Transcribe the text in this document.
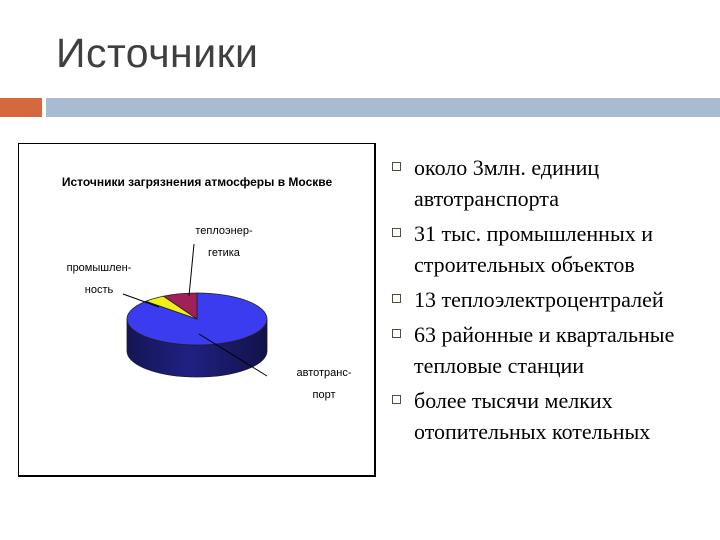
Источники
Источники загрязнения атмосферы в Москве
автотранс-
порт
промышлен-
ность
теплоэнер-
гетика
около 3млн. единиц автотранспорта
31 тыс. промышленных и строительных объектов
13 теплоэлектроцентралей
63 районные и квартальные тепловые станции
более тысячи мелких отопительных котельных
